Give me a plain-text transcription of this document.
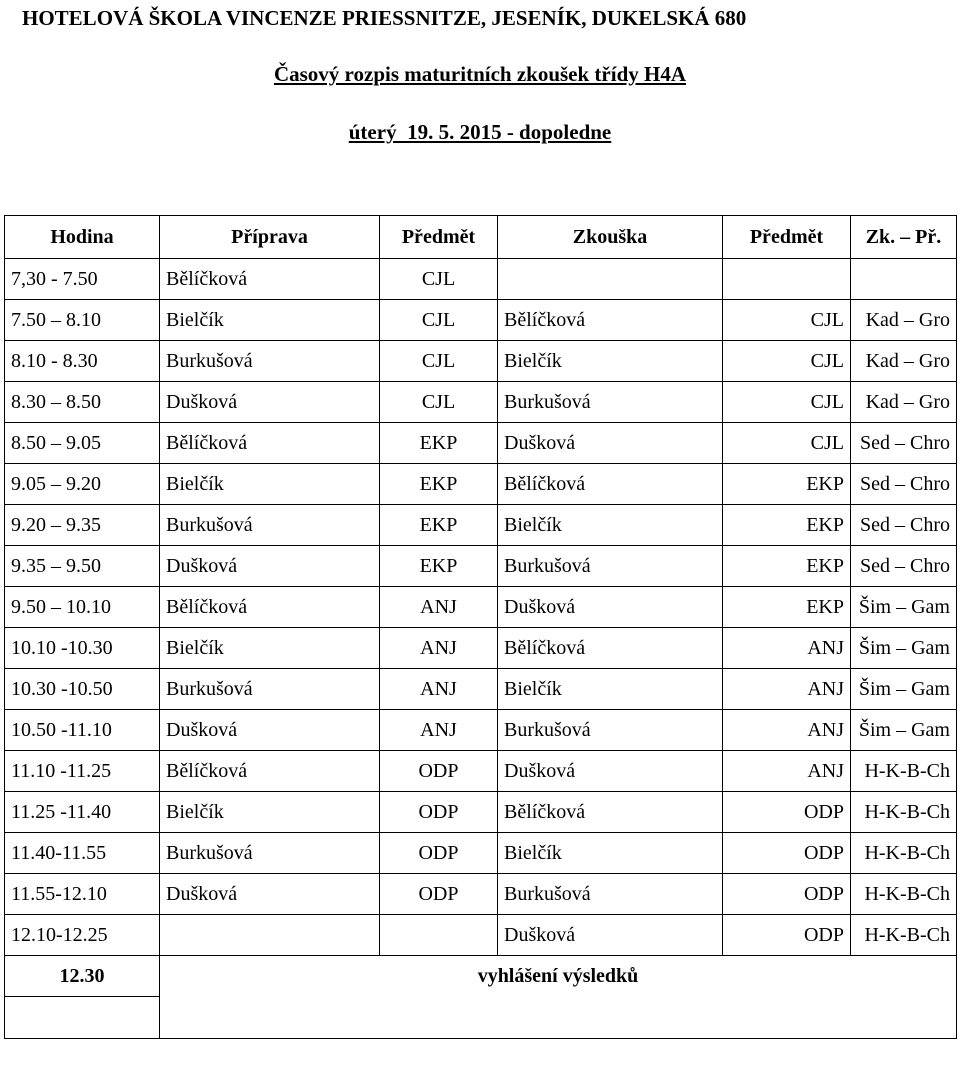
HOTELOVÁ ŠKOLA VINCENZE PRIESSNITZE, JESENÍK, DUKELSKÁ 680
Časový rozpis maturitních zkoušek třídy H4A
úterý  19. 5. 2015 - dopoledne
Hodina	Příprava	Předmět	Zkouška	Předmět	Zk. – Př.
7,30 - 7.50	Bělíčková	CJL			
7.50 – 8.10	Bielčík	CJL	Bělíčková	CJL	Kad – Gro
8.10 - 8.30	Burkušová	CJL	Bielčík	CJL	Kad – Gro
8.30 – 8.50	Dušková	CJL	Burkušová	CJL	Kad – Gro
8.50 – 9.05	Bělíčková	EKP	Dušková	CJL	Sed – Chro
9.05 – 9.20	Bielčík	EKP	Bělíčková	EKP	Sed – Chro
9.20 – 9.35	Burkušová	EKP	Bielčík	EKP	Sed – Chro
9.35 – 9.50	Dušková	EKP	Burkušová	EKP	Sed – Chro
9.50 – 10.10	Bělíčková	ANJ	Dušková	EKP	Šim – Gam
10.10 -10.30	Bielčík	ANJ	Bělíčková	ANJ	Šim – Gam
10.30 -10.50	Burkušová	ANJ	Bielčík	ANJ	Šim – Gam
10.50 -11.10	Dušková	ANJ	Burkušová	ANJ	Šim – Gam
11.10 -11.25	Bělíčková	ODP	Dušková	ANJ	H-K-B-Ch
11.25 -11.40	Bielčík	ODP	Bělíčková	ODP	H-K-B-Ch
11.40-11.55	Burkušová	ODP	Bielčík	ODP	H-K-B-Ch
11.55-12.10	Dušková	ODP	Burkušová	ODP	H-K-B-Ch
12.10-12.25			Dušková	ODP	H-K-B-Ch
12.30	vyhlášení výsledků				
